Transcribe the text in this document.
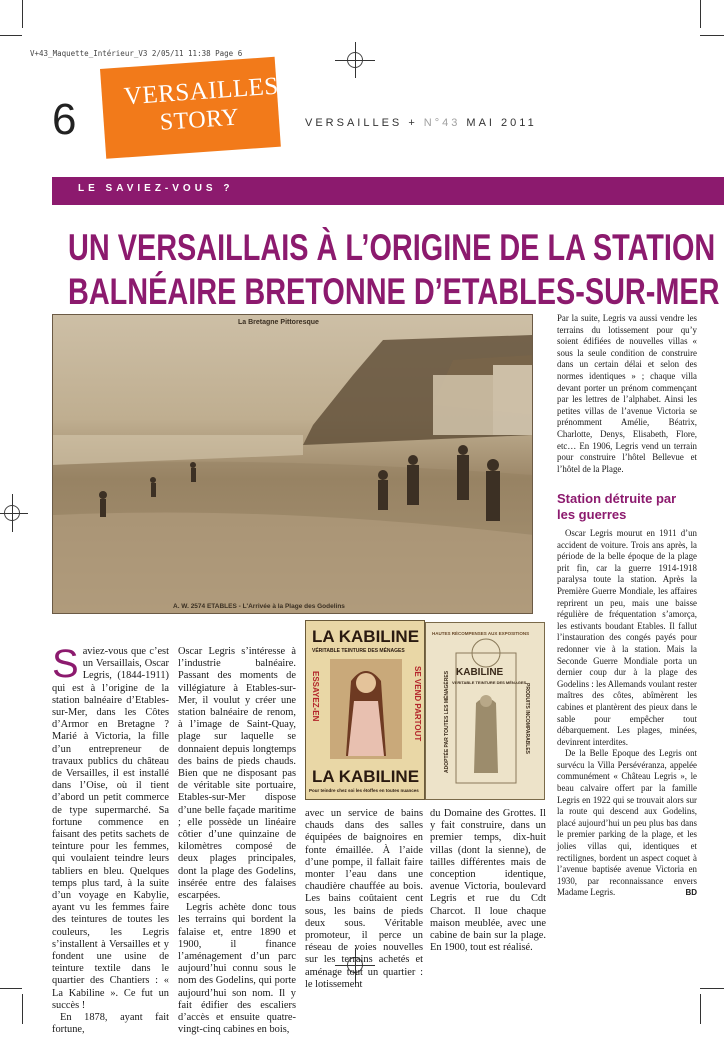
V+43_Maquette_Intérieur_V3 2/05/11 11:38 Page 6
6
VERSAILLES
STORY	VERSAILLES + N°43 MAI 2011
LE SAVIEZ-VOUS ?
UN VERSAILLAIS À L’ORIGINE DE LA STATION
BALNÉAIRE BRETONNE D’ETABLES-SUR-MER
La Bretagne Pittoresque
A. W. 2574 ETABLES - L'Arrivée à la Plage des Godelins
LA KABILINE
VÉRITABLE TEINTURE DES MÉNAGES
ESSAYEZ-EN	SE VEND PARTOUT
LA KABILINE
Pour teindre chez soi les étoffes en toutes nuances
HAUTES RÉCOMPENSES AUX EXPOSITIONS
KABILINE
VÉRITABLE TEINTURE DES MÉNAGES
ADOPTÉE PAR TOUTES LES MÉNAGÈRES	PRODUITS INCOMPARABLES

Saviez-vous que c’est un Versaillais, Oscar Legris, (1844-1911) qui est à l’origine de la station balnéaire d’Etables-sur-Mer, dans les Côtes d’Armor en Bretagne ? Marié à Victoria, la fille d’un entrepreneur de travaux publics du château de Versailles, il est installé dans l’Oise, où il tient d’abord un petit commerce de type supermarché. Sa fortune commence en faisant des petits sachets de teinture pour les femmes, qui voulaient teindre leurs tabliers en bleu. Quelques temps plus tard, à la suite d’un voyage en Kabylie, ayant vu les femmes faire des teintures de toutes les couleurs, les Legris s’installent à Versailles et y fondent une usine de teinture textile dans le quartier des Chantiers : « La Kabiline ». Ce fut un succès !

En 1878, ayant fait fortune,

Oscar Legris s’intéresse à l’industrie balnéaire. Passant des moments de villégiature à Etables-sur-Mer, il voulut y créer une station balnéaire de renom, à l’image de Saint-Quay, plage sur laquelle se donnaient depuis longtemps des bains de pieds chauds. Bien que ne disposant pas de véritable site portuaire, Etables-sur-Mer dispose d’une belle façade maritime ; elle possède un linéaire côtier d’une quinzaine de kilomètres composé de deux plages principales, dont la plage des Godelins, insérée entre des falaises escarpées.

Legris achète donc tous les terrains qui bordent la falaise et, entre 1890 et 1900, il finance l’aménagement d’un parc aujourd’hui connu sous le nom des Godelins, qui porte aujourd’hui son nom. Il y fait édifier des escaliers d’accès et ensuite quatre-vingt-cinq cabines en bois,

avec un service de bains chauds dans des salles équipées de baignoires en fonte émaillée. À l’aide d’une pompe, il fallait faire monter l’eau dans une chaudière chauffée au bois. Les bains coûtaient cent sous, les bains de pieds deux sous. Véritable promoteur, il perce un réseau de voies nouvelles sur les terrains achetés et aménage tout un quartier : le lotissement

du Domaine des Grottes. Il y fait construire, dans un premier temps, dix-huit villas (dont la sienne), de tailles différentes mais de conception identique, avenue Victoria, boulevard Legris et rue du Cdt Charcot. Il loue chaque maison meublée, avec une cabine de bain sur la plage. En 1900, tout est réalisé.

Par la suite, Legris va aussi vendre les terrains du lotissement pour qu’y soient édifiées de nouvelles villas « sous la seule condition de construire dans un certain délai et selon des normes identiques » ; chaque villa devant porter un prénom commençant par les lettres de l’alphabet. Ainsi les petites villas de l’avenue Victoria se prénomment Amélie, Béatrix, Charlotte, Denys, Elisabeth, Flore, etc… En 1906, Legris vend un terrain pour construire l’hôtel Bellevue et l’hôtel de la Plage.

Station détruite par les guerres

Oscar Legris mourut en 1911 d’un accident de voiture. Trois ans après, la période de la belle époque de la plage prit fin, car la guerre 1914-1918 paralysa toute la station. Après la Première Guerre Mondiale, les affaires reprirent un peu, mais une baisse régulière de fréquentation s’amorça, les estivants boudant Etables. Il fallut l’instauration des congés payés pour redonner vie à la station. Mais la Seconde Guerre Mondiale porta un dernier coup dur à la plage des Godelins : les Allemands voulant rester maîtres des côtes, abîmèrent les cabines et plantèrent des pieux dans le sable pour empêcher tout débarquement. Les plages, minées, devinrent interdites.

De la Belle Epoque des Legris ont survécu la Villa Persévéranza, appelée communément « Château Legris », le beau calvaire offert par la famille Legris en 1922 qui se trouvait alors sur la route qui descend aux Godelins, placé aujourd’hui un peu plus bas dans le premier parking de la plage, et les jolies villas qui, identiques et rectilignes, bordent un aspect coquet à l’avenue baptisée avenue Victoria en 1930, par reconnaissance envers Madame Legris.	BD
